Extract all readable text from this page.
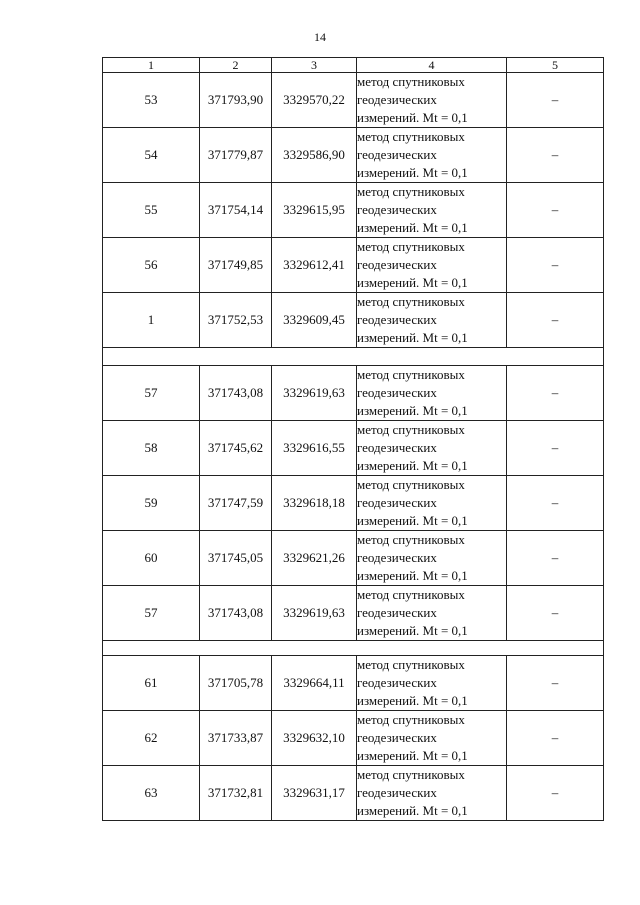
14
1	2	3	4	5
53	371793,90	3329570,22	метод спутниковых
геодезических
измерений. Mt = 0,1	–
54	371779,87	3329586,90	метод спутниковых
геодезических
измерений. Mt = 0,1	–
55	371754,14	3329615,95	метод спутниковых
геодезических
измерений. Mt = 0,1	–
56	371749,85	3329612,41	метод спутниковых
геодезических
измерений. Mt = 0,1	–
1	371752,53	3329609,45	метод спутниковых
геодезических
измерений. Mt = 0,1	–

57	371743,08	3329619,63	метод спутниковых
геодезических
измерений. Mt = 0,1	–
58	371745,62	3329616,55	метод спутниковых
геодезических
измерений. Mt = 0,1	–
59	371747,59	3329618,18	метод спутниковых
геодезических
измерений. Mt = 0,1	–
60	371745,05	3329621,26	метод спутниковых
геодезических
измерений. Mt = 0,1	–
57	371743,08	3329619,63	метод спутниковых
геодезических
измерений. Mt = 0,1	–

61	371705,78	3329664,11	метод спутниковых
геодезических
измерений. Mt = 0,1	–
62	371733,87	3329632,10	метод спутниковых
геодезических
измерений. Mt = 0,1	–
63	371732,81	3329631,17	метод спутниковых
геодезических
измерений. Mt = 0,1	–
